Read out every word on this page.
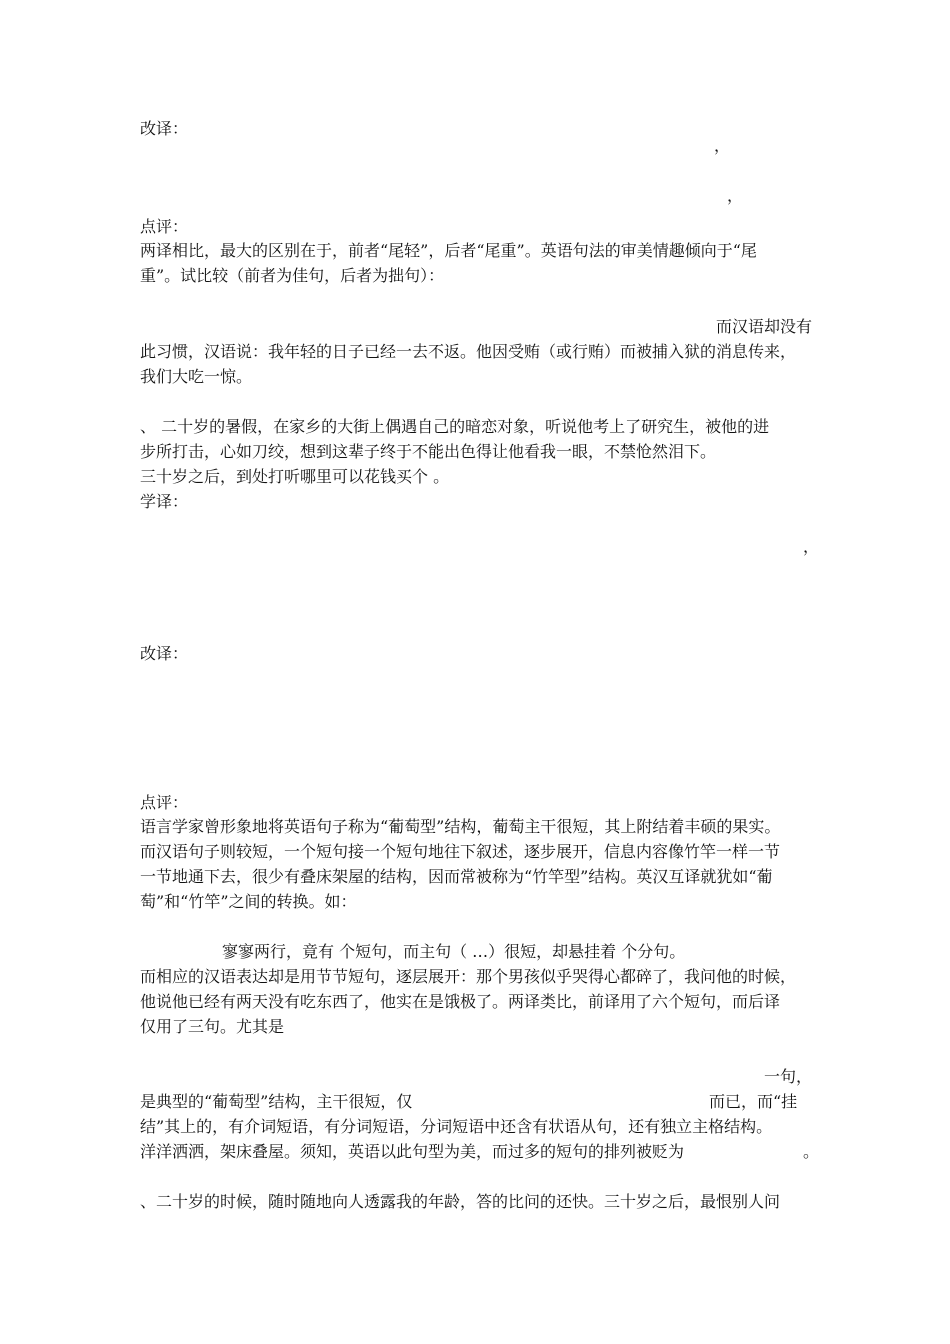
改译：
，
，
点评：
两译相比，最大的区别在于，前者“尾轻”，后者“尾重”。英语句法的审美情趣倾向于“尾
重”。试比较（前者为佳句，后者为拙句）：
而汉语却没有
此习惯，汉语说：我年轻的日子已经一去不返。他因受贿（或行贿）而被捕入狱的消息传来，
我们大吃一惊。
、 二十岁的暑假，在家乡的大街上偶遇自己的暗恋对象，听说他考上了研究生，被他的进
步所打击，心如刀绞，想到这辈子终于不能出色得让他看我一眼，不禁怆然泪下。
三十岁之后，到处打听哪里可以花钱买个 。
学译：
，
改译：
点评：
语言学家曾形象地将英语句子称为“葡萄型”结构，葡萄主干很短，其上附结着丰硕的果实。
而汉语句子则较短，一个短句接一个短句地往下叙述，逐步展开，信息内容像竹竿一样一节
一节地通下去，很少有叠床架屋的结构，因而常被称为“竹竿型”结构。英汉互译就犹如“葡
萄”和“竹竿”之间的转换。如：
寥寥两行，竟有 个短句，而主句（ …）很短，却悬挂着 个分句。
而相应的汉语表达却是用节节短句，逐层展开：那个男孩似乎哭得心都碎了，我问他的时候，
他说他已经有两天没有吃东西了，他实在是饿极了。两译类比，前译用了六个短句，而后译
仅用了三句。尤其是
一句，
是典型的“葡萄型”结构，主干很短，仅	而已，而“挂
结”其上的，有介词短语，有分词短语，分词短语中还含有状语从句，还有独立主格结构。
洋洋洒洒，架床叠屋。须知，英语以此句型为美，而过多的短句的排列被贬为	。
、二十岁的时候，随时随地向人透露我的年龄，答的比问的还快。三十岁之后，最恨别人问
